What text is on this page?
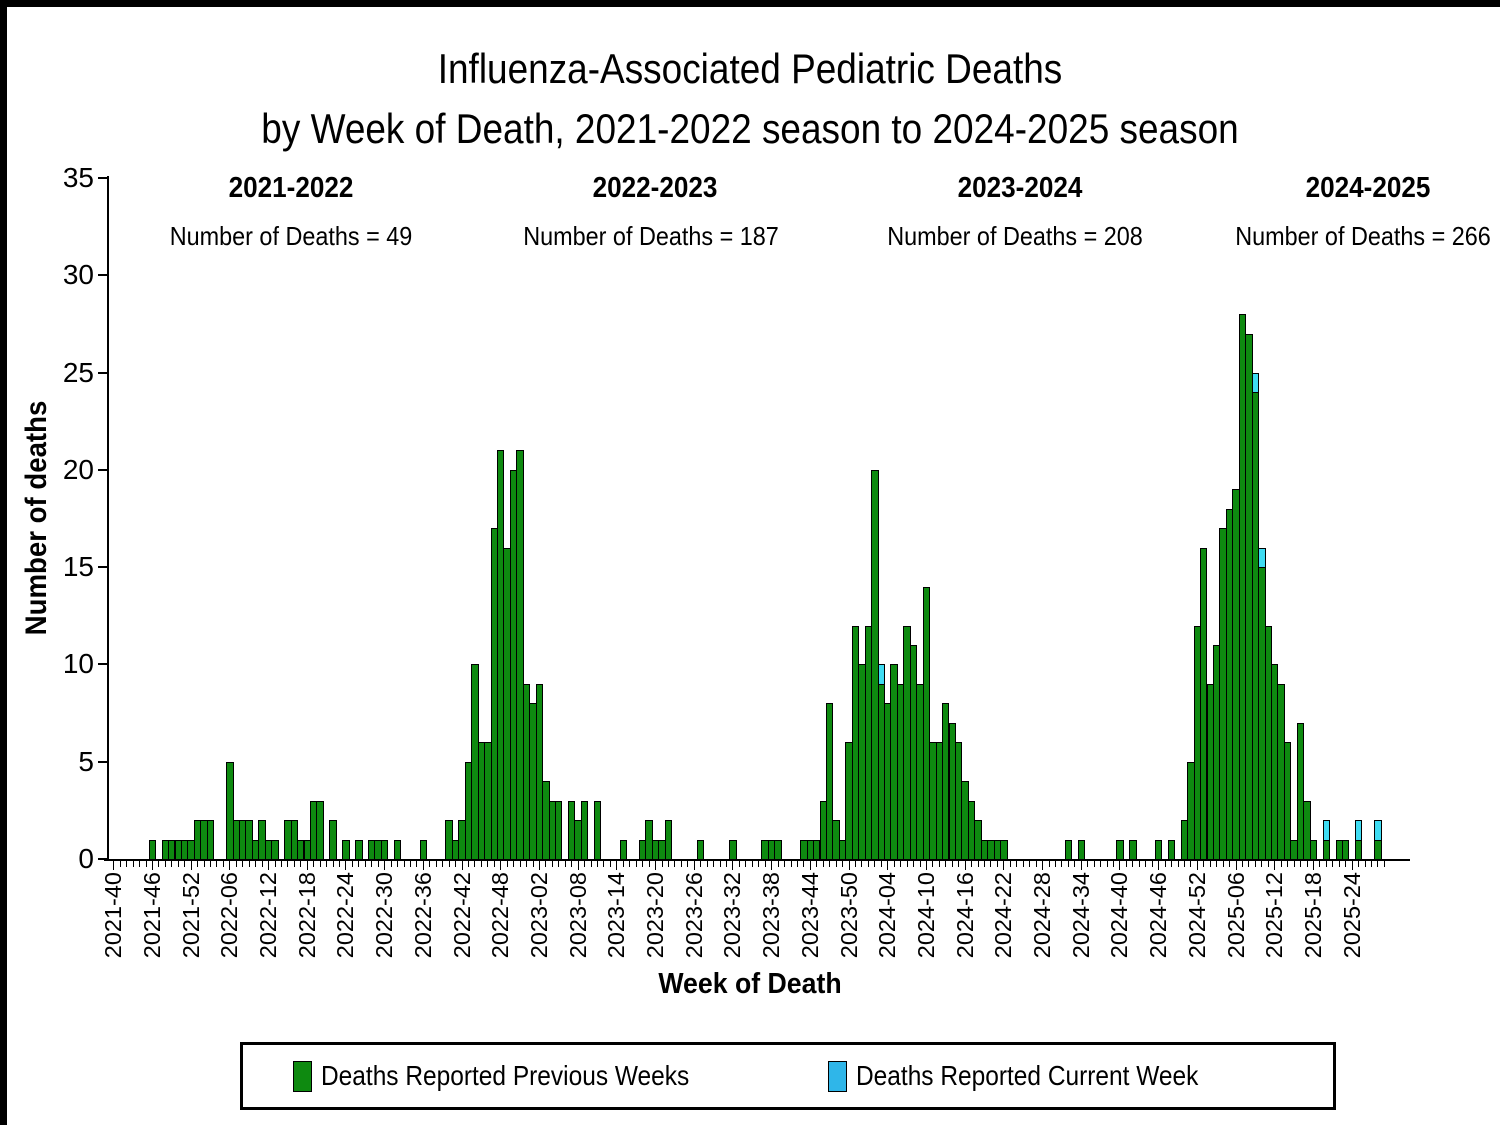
Influenza-Associated Pediatric Deaths
by Week of Death, 2021-2022 season to 2024-2025 season
2021-2022	2022-2023	2023-2024	2024-2025
Number of Deaths = 49	Number of Deaths = 187	Number of Deaths = 208	Number of Deaths = 266
Number of deaths
Week of Death
0
5
10
15
20
25
30
35
2021-40 2021-46 2021-52 2022-06 2022-12 2022-18 2022-24 2022-30 2022-36 2022-42 2022-48 2023-02 2023-08 2023-14 2023-20 2023-26 2023-32 2023-38 2023-44 2023-50 2024-04 2024-10 2024-16 2024-22 2024-28 2024-34 2024-40 2024-46 2024-52 2025-06 2025-12 2025-18 2025-24
Deaths Reported Previous Weeks	Deaths Reported Current Week
